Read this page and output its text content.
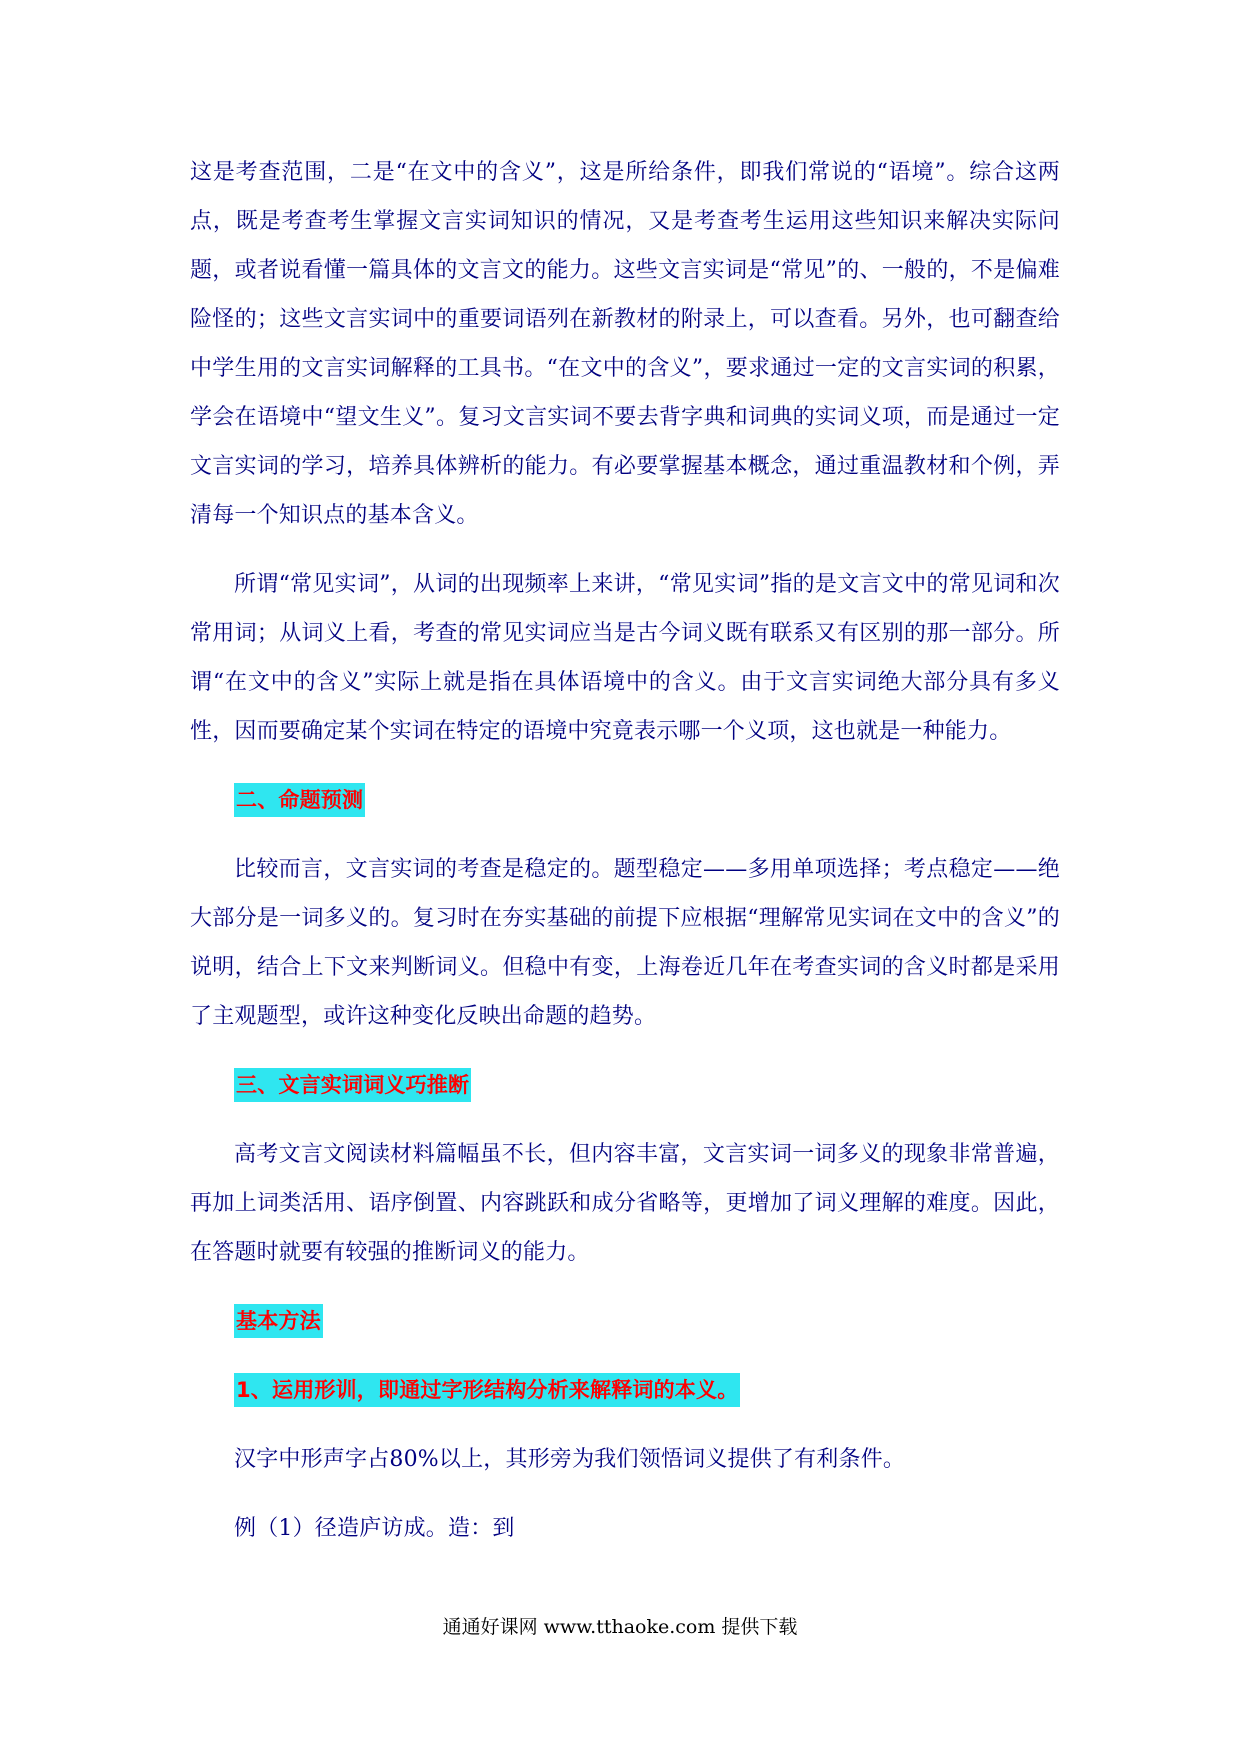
这是考查范围，二是“在文中的含义”，这是所给条件，即我们常说的“语境”。综合这两点，既是考查考生掌握文言实词知识的情况，又是考查考生运用这些知识来解决实际问题，或者说看懂一篇具体的文言文的能力。这些文言实词是“常见”的、一般的，不是偏难险怪的；这些文言实词中的重要词语列在新教材的附录上，可以查看。另外，也可翻查给中学生用的文言实词解释的工具书。“在文中的含义”，要求通过一定的文言实词的积累，学会在语境中“望文生义”。复习文言实词不要去背字典和词典的实词义项，而是通过一定文言实词的学习，培养具体辨析的能力。有必要掌握基本概念，通过重温教材和个例，弄清每一个知识点的基本含义。

所谓“常见实词”，从词的出现频率上来讲，“常见实词”指的是文言文中的常见词和次常用词；从词义上看，考查的常见实词应当是古今词义既有联系又有区别的那一部分。所谓“在文中的含义”实际上就是指在具体语境中的含义。由于文言实词绝大部分具有多义性，因而要确定某个实词在特定的语境中究竟表示哪一个义项，这也就是一种能力。

二、命题预测

比较而言，文言实词的考查是稳定的。题型稳定——多用单项选择；考点稳定——绝大部分是一词多义的。复习时在夯实基础的前提下应根据“理解常见实词在文中的含义”的说明，结合上下文来判断词义。但稳中有变，上海卷近几年在考查实词的含义时都是采用了主观题型，或许这种变化反映出命题的趋势。

三、文言实词词义巧推断

高考文言文阅读材料篇幅虽不长，但内容丰富，文言实词一词多义的现象非常普遍，再加上词类活用、语序倒置、内容跳跃和成分省略等，更增加了词义理解的难度。因此，在答题时就要有较强的推断词义的能力。

基本方法
1、运用形训，即通过字形结构分析来解释词的本义。

汉字中形声字占80%以上，其形旁为我们领悟词义提供了有利条件。

例（1）径造庐访成。造：到

通通好课网 www.tthaoke.com 提供下载
